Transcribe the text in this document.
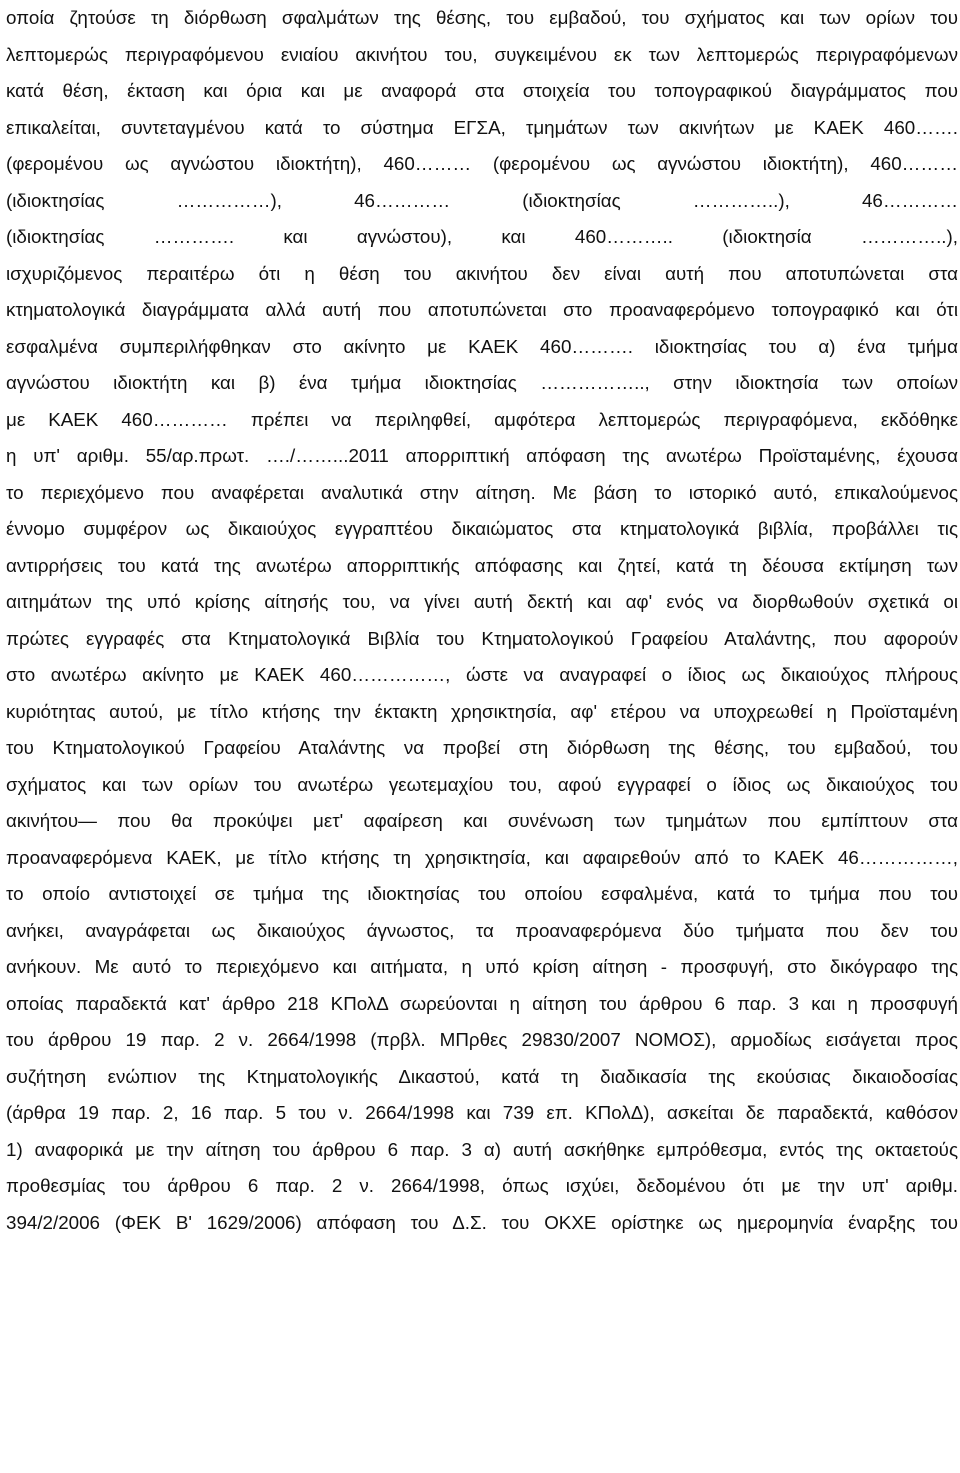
οποία ζητούσε τη διόρθωση σφαλμάτων της θέσης, του εμβαδού, του σχήματος και των ορίων του
λεπτομερώς περιγραφόμενου ενιαίου ακινήτου του, συγκειμένου εκ των λεπτομερώς περιγραφόμενων
κατά θέση, έκταση και όρια και με αναφορά στα στοιχεία του τοπογραφικού διαγράμματος που
επικαλείται, συντεταγμένου κατά το σύστημα ΕΓΣΑ, τμημάτων των ακινήτων με ΚΑΕΚ 460…….
(φερομένου ως αγνώστου ιδιοκτήτη), 460……… (φερομένου ως αγνώστου ιδιοκτήτη), 460………
(ιδιοκτησίας ……………), 46………… (ιδιοκτησίας …………..), 46…………
(ιδιοκτησίας …………. και αγνώστου), και 460……….. (ιδιοκτησία …………..),
ισχυριζόμενος περαιτέρω ότι η θέση του ακινήτου δεν είναι αυτή που αποτυπώνεται στα
κτηματολογικά διαγράμματα αλλά αυτή που αποτυπώνεται στο προαναφερόμενο τοπογραφικό και ότι
εσφαλμένα συμπεριλήφθηκαν στο ακίνητο με ΚΑΕΚ 460………. ιδιοκτησίας του α) ένα τμήμα
αγνώστου ιδιοκτήτη και β) ένα τμήμα ιδιοκτησίας …………….., στην ιδιοκτησία των οποίων
με ΚΑΕΚ 460………… πρέπει να περιληφθεί, αμφότερα λεπτομερώς περιγραφόμενα, εκδόθηκε
η υπ' αριθμ. 55/αρ.πρωτ. …./……...2011 απορριπτική απόφαση της ανωτέρω Προϊσταμένης, έχουσα
το περιεχόμενο που αναφέρεται αναλυτικά στην αίτηση. Με βάση το ιστορικό αυτό, επικαλούμενος
έννομο συμφέρον ως δικαιούχος εγγραπτέου δικαιώματος στα κτηματολογικά βιβλία, προβάλλει τις
αντιρρήσεις του κατά της ανωτέρω απορριπτικής απόφασης και ζητεί, κατά τη δέουσα εκτίμηση των
αιτημάτων της υπό κρίσης αίτησής του, να γίνει αυτή δεκτή και αφ' ενός να διορθωθούν σχετικά οι
πρώτες εγγραφές στα Κτηματολογικά Βιβλία του Κτηματολογικού Γραφείου Αταλάντης, που αφορούν
στο ανωτέρω ακίνητο με ΚΑΕΚ 460……………, ώστε να αναγραφεί ο ίδιος ως δικαιούχος πλήρους
κυριότητας αυτού, με τίτλο κτήσης την έκτακτη χρησικτησία, αφ' ετέρου να υποχρεωθεί η Προϊσταμένη
του Κτηματολογικού Γραφείου Αταλάντης να προβεί στη διόρθωση της θέσης, του εμβαδού, του
σχήματος και των ορίων του ανωτέρω γεωτεμαχίου του, αφού εγγραφεί ο ίδιος ως δικαιούχος του
ακινήτου— που θα προκύψει μετ' αφαίρεση και συνένωση των τμημάτων που εμπίπτουν στα
προαναφερόμενα ΚΑΕΚ, με τίτλο κτήσης τη χρησικτησία, και αφαιρεθούν από το ΚΑΕΚ 46……………,
το οποίο αντιστοιχεί σε τμήμα της ιδιοκτησίας του οποίου εσφαλμένα, κατά το τμήμα που του
ανήκει, αναγράφεται ως δικαιούχος άγνωστος, τα προαναφερόμενα δύο τμήματα που δεν του
ανήκουν. Με αυτό το περιεχόμενο και αιτήματα, η υπό κρίση αίτηση - προσφυγή, στο δικόγραφο της
οποίας παραδεκτά κατ' άρθρο 218 ΚΠολΔ σωρεύονται η αίτηση του άρθρου 6 παρ. 3 και η προσφυγή
του άρθρου 19 παρ. 2 ν. 2664/1998 (πρβλ. ΜΠρθες 29830/2007 ΝΟΜΟΣ), αρμοδίως εισάγεται προς
συζήτηση ενώπιον της Κτηματολογικής Δικαστού, κατά τη διαδικασία της εκούσιας δικαιοδοσίας
(άρθρα 19 παρ. 2, 16 παρ. 5 του ν. 2664/1998 και 739 επ. ΚΠολΔ), ασκείται δε παραδεκτά, καθόσον
1) αναφορικά με την αίτηση του άρθρου 6 παρ. 3 α) αυτή ασκήθηκε εμπρόθεσμα, εντός της οκταετούς
προθεσμίας του άρθρου 6 παρ. 2 ν. 2664/1998, όπως ισχύει, δεδομένου ότι με την υπ' αριθμ.
394/2/2006 (ΦΕΚ Β' 1629/2006) απόφαση του Δ.Σ. του ΟΚΧΕ ορίστηκε ως ημερομηνία έναρξης του
